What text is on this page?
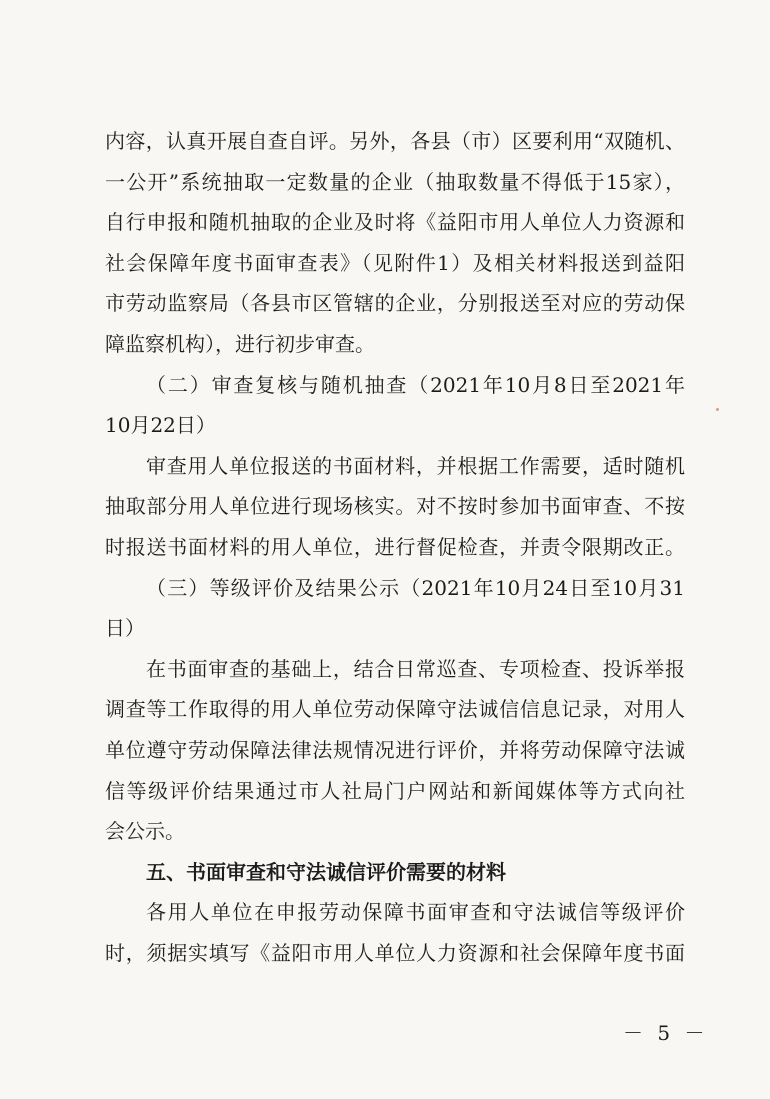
内容，认真开展自查自评。另外，各县（市）区要利用“双随机、
一公开”系统抽取一定数量的企业（抽取数量不得低于15家），
自行申报和随机抽取的企业及时将《益阳市用人单位人力资源和
社会保障年度书面审查表》（见附件1）及相关材料报送到益阳
市劳动监察局（各县市区管辖的企业，分别报送至对应的劳动保
障监察机构），进行初步审查。
（二）审查复核与随机抽查（2021年10月8日至2021年
10月22日）
审查用人单位报送的书面材料，并根据工作需要，适时随机
抽取部分用人单位进行现场核实。对不按时参加书面审查、不按
时报送书面材料的用人单位，进行督促检查，并责令限期改正。
（三）等级评价及结果公示（2021年10月24日至10月31
日）
在书面审查的基础上，结合日常巡查、专项检查、投诉举报
调查等工作取得的用人单位劳动保障守法诚信信息记录，对用人
单位遵守劳动保障法律法规情况进行评价，并将劳动保障守法诚
信等级评价结果通过市人社局门户网站和新闻媒体等方式向社
会公示。
五、书面审查和守法诚信评价需要的材料
各用人单位在申报劳动保障书面审查和守法诚信等级评价
时，须据实填写《益阳市用人单位人力资源和社会保障年度书面
－ 5 －
